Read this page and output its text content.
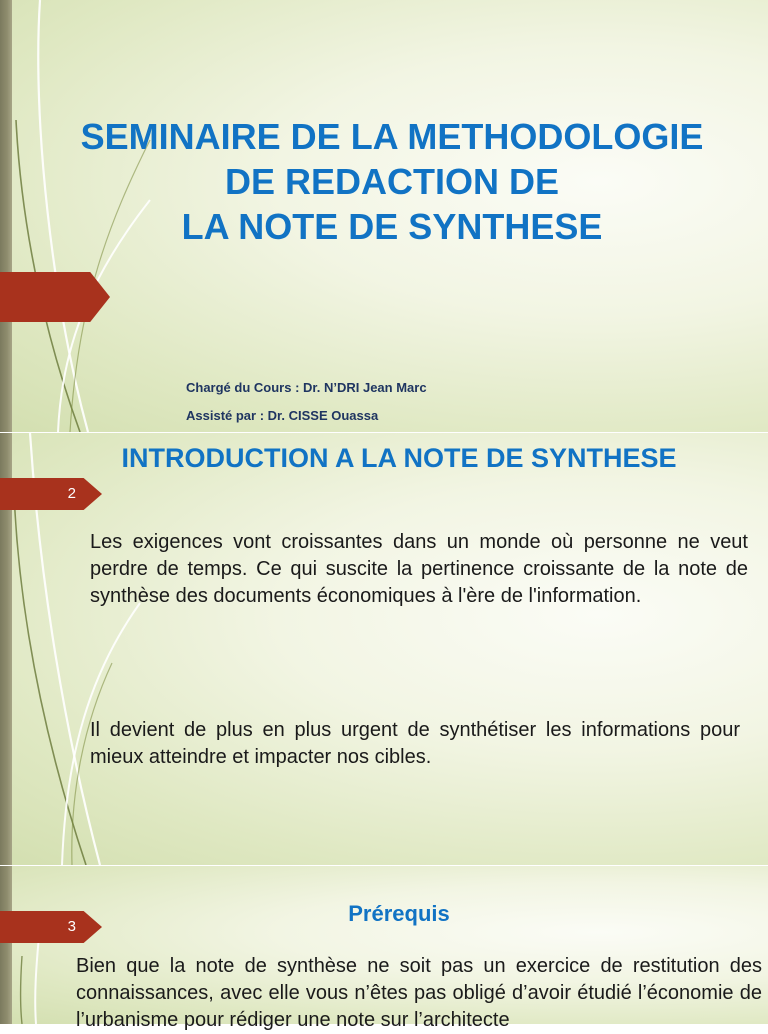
SEMINAIRE DE LA METHODOLOGIE
DE REDACTION DE
LA NOTE DE SYNTHESE

Chargé du Cours : Dr. N’DRI Jean Marc
Assisté par : Dr. CISSE Ouassa

2
INTRODUCTION A LA NOTE DE SYNTHESE

Les exigences vont croissantes dans un monde où personne ne veut perdre de temps. Ce qui suscite la pertinence croissante de la note de synthèse des documents économiques à l'ère de l'information.

Il devient de plus en plus urgent de synthétiser les informations pour mieux atteindre et impacter nos cibles.

3
Prérequis

Bien que la note de synthèse ne soit pas un exercice de restitution des connaissances, avec elle vous n’êtes pas obligé d’avoir étudié l’économie de l’urbanisme pour rédiger une note sur l’architecte
